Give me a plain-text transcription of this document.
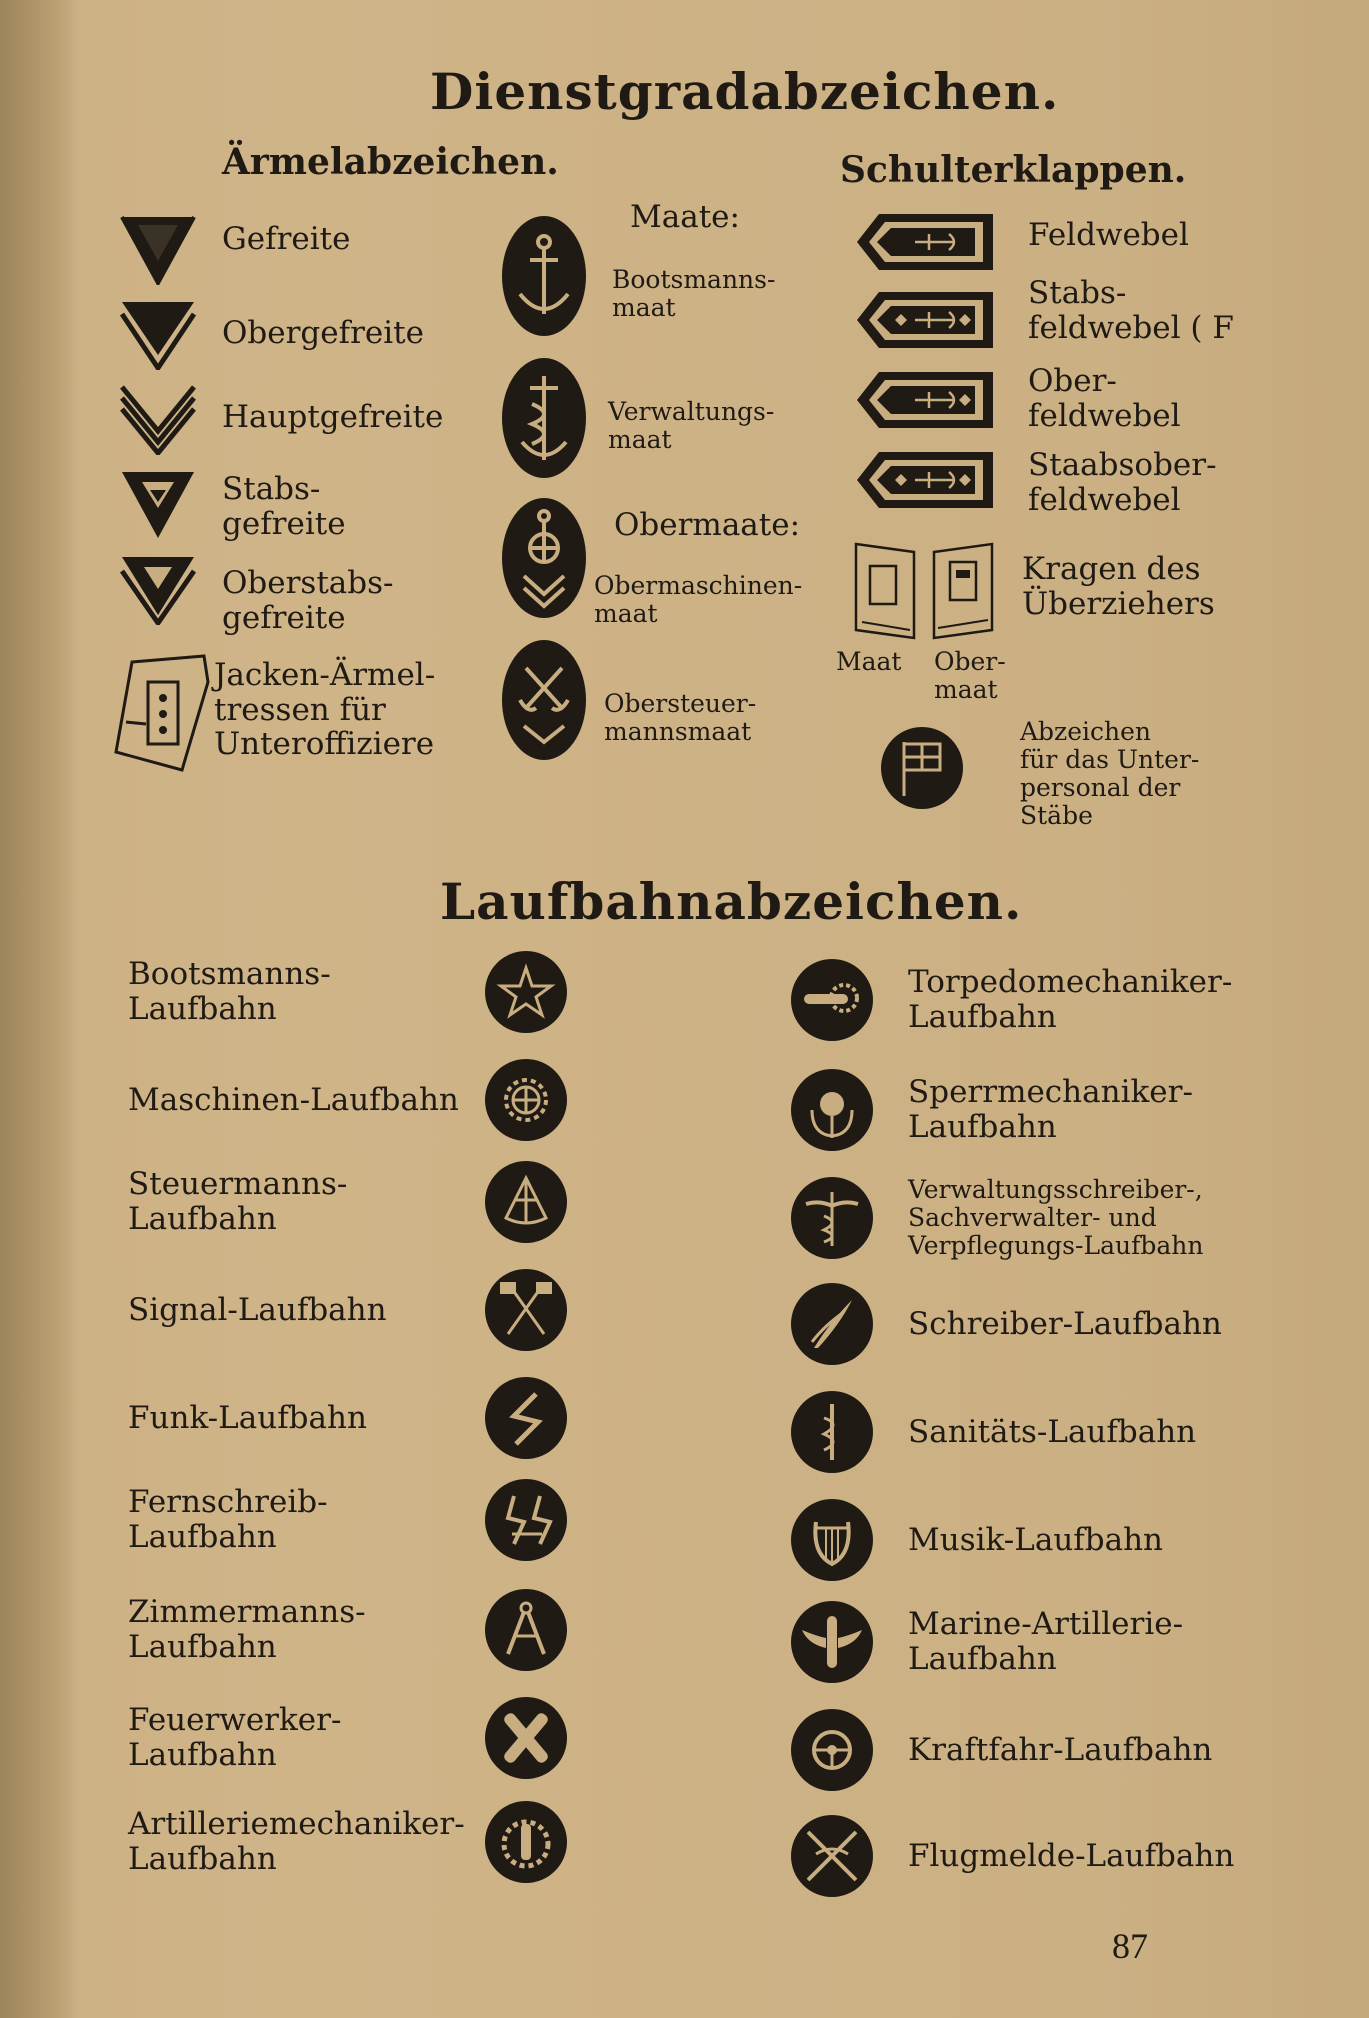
Dienstgradabzeichen.
Ärmelabzeichen.
Gefreite
Obergefreite
Hauptgefreite
Stabs-
gefreite
Oberstabs-
gefreite
Jacken-Ärmel-
tressen für
Unteroffiziere
Maate:
Bootsmanns-
maat
Verwaltungs-
maat
Obermaate:
Obermaschinen-
maat
Obersteuer-
mannsmaat
Schulterklappen.
Feldwebel
Stabs-
feldwebel ( F
Ober-
feldwebel
Staabsober-
feldwebel
Kragen des
Überziehers
Maat Ober-
maat
Abzeichen
für das Unter-
personal der
Stäbe
Laufbahnabzeichen.
Bootsmanns-
Laufbahn
Maschinen-Laufbahn
Steuermanns-
Laufbahn
Signal-Laufbahn
Funk-Laufbahn
Fernschreib-
Laufbahn
Zimmermanns-
Laufbahn
Feuerwerker-
Laufbahn
Artilleriemechaniker-
Laufbahn
Torpedomechaniker-
Laufbahn
Sperrmechaniker-
Laufbahn
Verwaltungsschreiber-,
Sachverwalter- und
Verpflegungs-Laufbahn
Schreiber-Laufbahn
Sanitäts-Laufbahn
Musik-Laufbahn
Marine-Artillerie-
Laufbahn
Kraftfahr-Laufbahn
Flugmelde-Laufbahn
87
